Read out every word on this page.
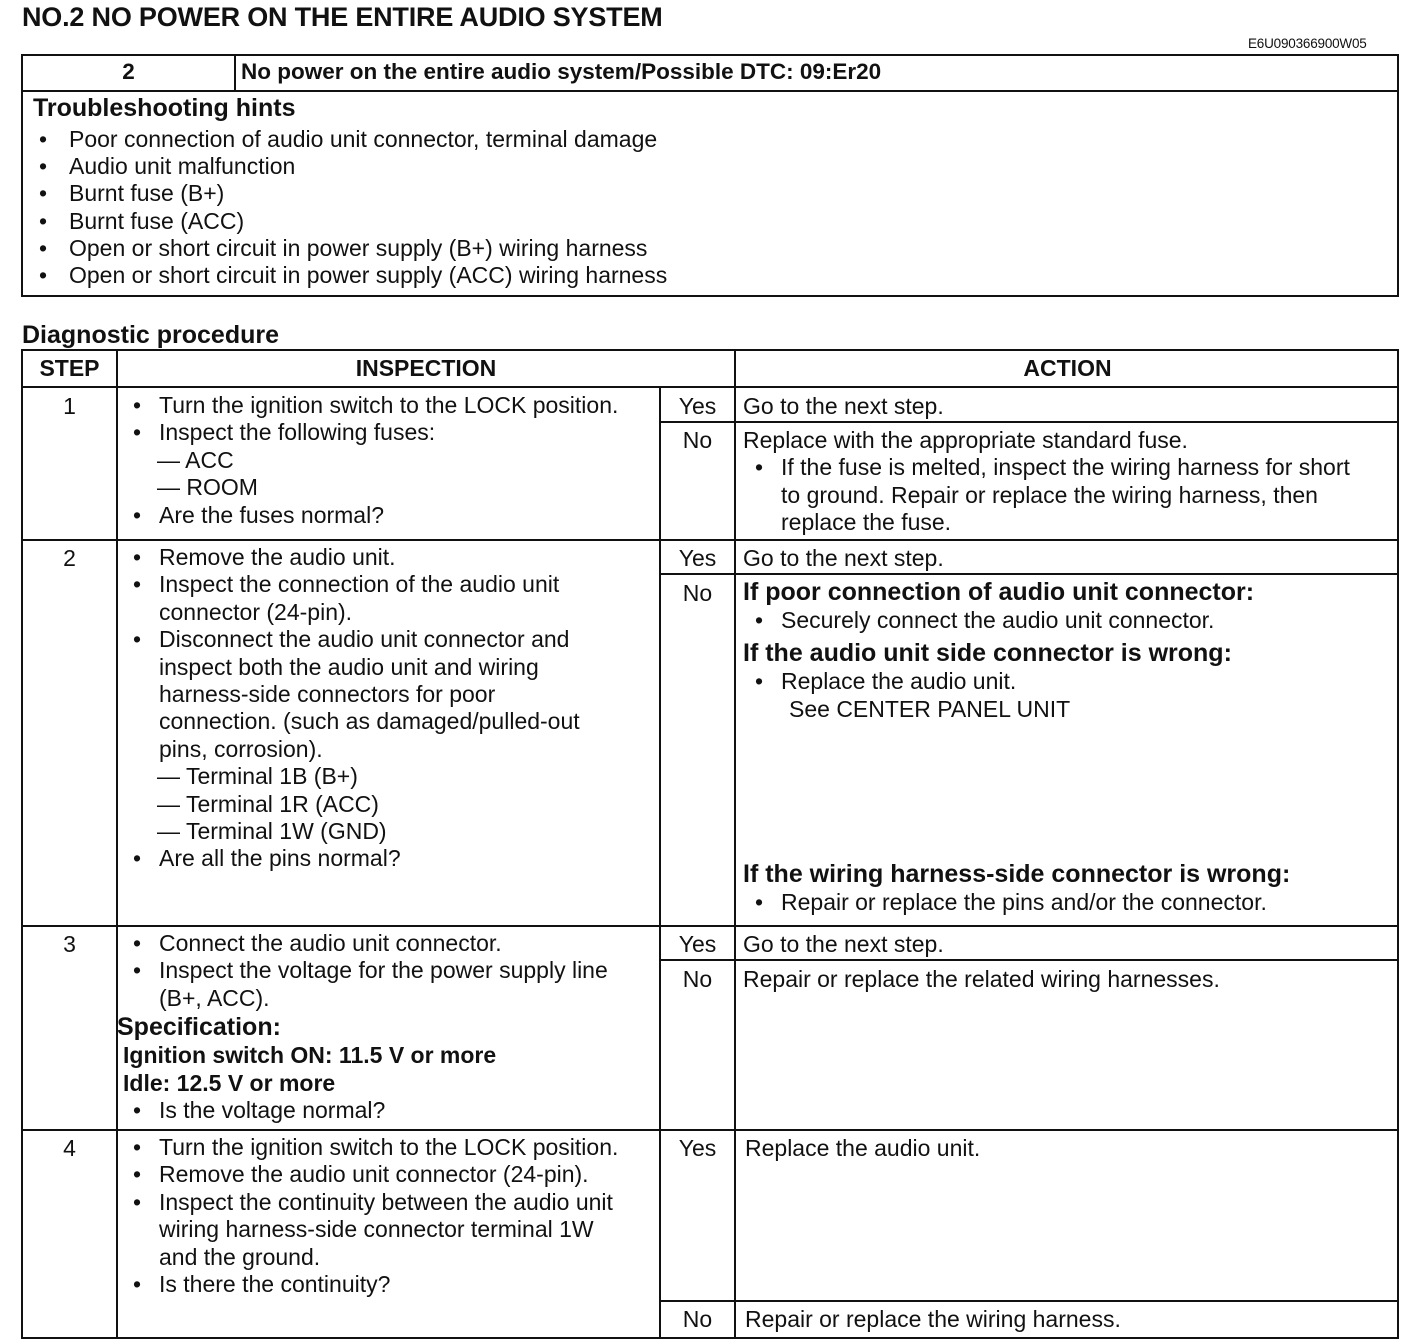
NO.2 NO POWER ON THE ENTIRE AUDIO SYSTEM
E6U090366900W05
2	No power on the entire audio system/Possible DTC: 09:Er20
Troubleshooting hints
• Poor connection of audio unit connector, terminal damage
• Audio unit malfunction
• Burnt fuse (B+)
• Burnt fuse (ACC)
• Open or short circuit in power supply (B+) wiring harness
• Open or short circuit in power supply (ACC) wiring harness
Diagnostic procedure
STEP	INSPECTION	ACTION
1	• Turn the ignition switch to the LOCK position.
• Inspect the following fuses:
— ACC
— ROOM
• Are the fuses normal?
Yes	Go to the next step.
No	Replace with the appropriate standard fuse.
• If the fuse is melted, inspect the wiring harness for short
to ground. Repair or replace the wiring harness, then
replace the fuse.
2	• Remove the audio unit.
• Inspect the connection of the audio unit
connector (24-pin).
• Disconnect the audio unit connector and
inspect both the audio unit and wiring
harness-side connectors for poor
connection. (such as damaged/pulled-out
pins, corrosion).
— Terminal 1B (B+)
— Terminal 1R (ACC)
— Terminal 1W (GND)
• Are all the pins normal?
Yes	Go to the next step.
No	If poor connection of audio unit connector:
• Securely connect the audio unit connector.
If the audio unit side connector is wrong:
• Replace the audio unit.
See CENTER PANEL UNIT
If the wiring harness-side connector is wrong:
• Repair or replace the pins and/or the connector.
3	• Connect the audio unit connector.
• Inspect the voltage for the power supply line
(B+, ACC).
Specification:
Ignition switch ON: 11.5 V or more
Idle: 12.5 V or more
• Is the voltage normal?
Yes	Go to the next step.
No	Repair or replace the related wiring harnesses.
4	• Turn the ignition switch to the LOCK position.
• Remove the audio unit connector (24-pin).
• Inspect the continuity between the audio unit
wiring harness-side connector terminal 1W
and the ground.
• Is there the continuity?
Yes	Replace the audio unit.
No	Repair or replace the wiring harness.
